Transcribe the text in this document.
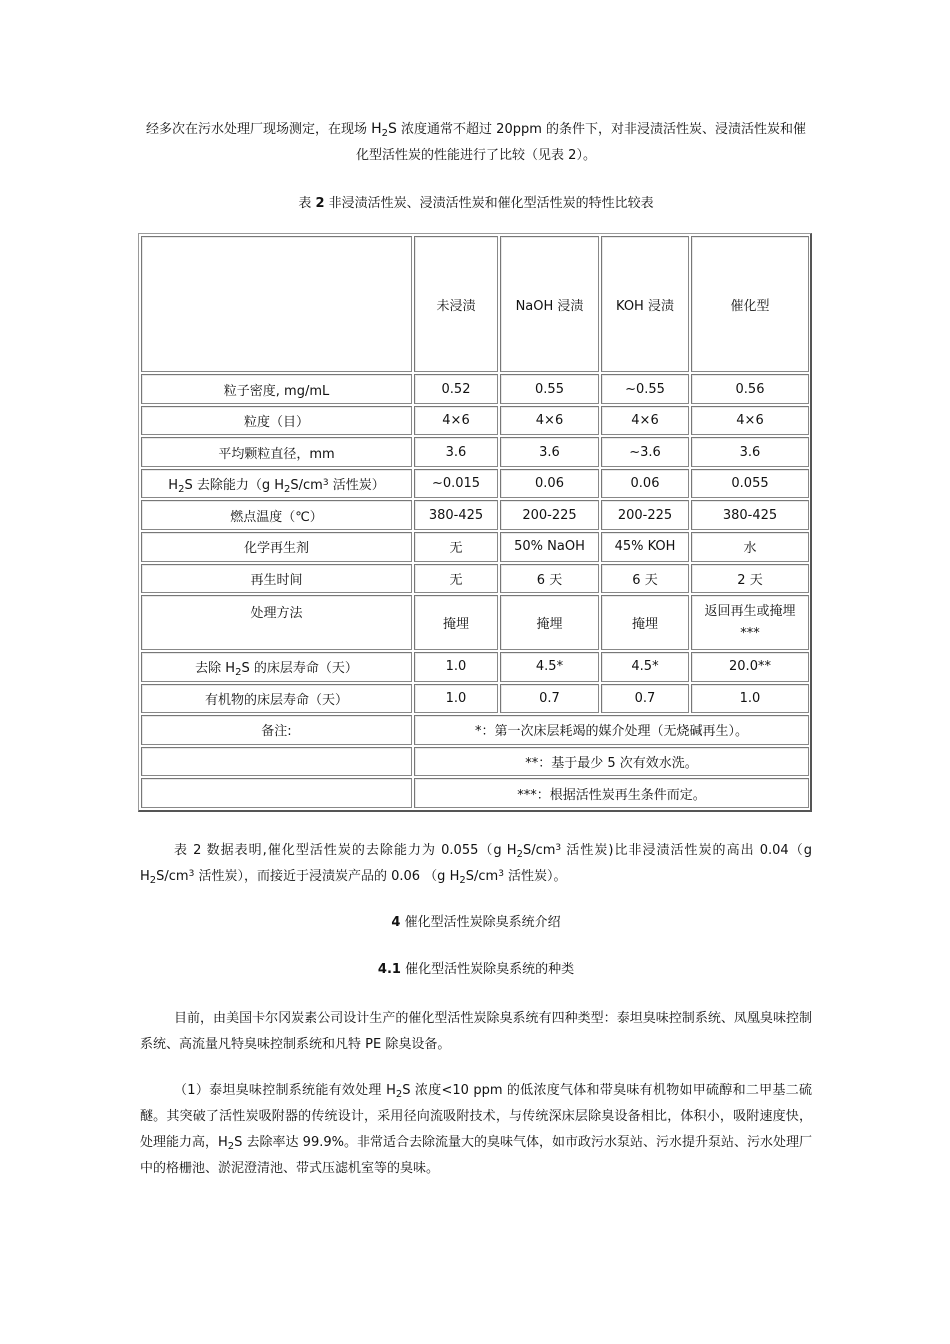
经多次在污水处理厂现场测定，在现场 $H_2S$ 浓度通常不超过 20ppm 的条件下，对非浸渍活性炭、浸渍活性炭和催化型活性炭的性能进行了比较（见表 2）。
表 2 非浸渍活性炭、浸渍活性炭和催化型活性炭的特性比较表
	未浸渍	NaOH 浸渍	KOH 浸渍	催化型
粒子密度, mg/mL	0.52	0.55	~0.55	0.56
粒度（目）	4×6	4×6	4×6	4×6
平均颗粒直径，mm	3.6	3.6	~3.6	3.6
$H_2S$ 去除能力（g $H_2S/cm^3$ 活性炭）	~0.015	0.06	0.06	0.055
燃点温度（℃）	380-425	200-225	200-225	380-425
化学再生剂	无	50% NaOH	45% KOH	水
再生时间	无	6 天	6 天	2 天
处理方法	掩埋	掩埋	掩埋	返回再生或掩埋 ***
去除 $H_2S$ 的床层寿命（天）	1.0	4.5*	4.5*	20.0**
有机物的床层寿命（天）	1.0	0.7	0.7	1.0
备注:	*：第一次床层耗竭的媒介处理（无烧碱再生）。			
	**：基于最少 5 次有效水洗。			
	***：根据活性炭再生条件而定。			
表 2 数据表明,催化型活性炭的去除能力为 0.055（g $H_2S/cm^3$ 活性炭)比非浸渍活性炭的高出 0.04（g $H_2S/cm^3$ 活性炭），而接近于浸渍炭产品的 0.06 （g $H_2S/cm^3$ 活性炭）。
4 催化型活性炭除臭系统介绍
4.1 催化型活性炭除臭系统的种类
目前，由美国卡尔冈炭素公司设计生产的催化型活性炭除臭系统有四种类型：泰坦臭味控制系统、凤凰臭味控制系统、高流量凡特臭味控制系统和凡特 PE 除臭设备。
（1）泰坦臭味控制系统能有效处理 $H_2S$ 浓度<10 ppm 的低浓度气体和带臭味有机物如甲硫醇和二甲基二硫醚。其突破了活性炭吸附器的传统设计，采用径向流吸附技术，与传统深床层除臭设备相比，体积小，吸附速度快，处理能力高，$H_2S$ 去除率达 99.9%。非常适合去除流量大的臭味气体，如市政污水泵站、污水提升泵站、污水处理厂中的格栅池、淤泥澄清池、带式压滤机室等的臭味。
